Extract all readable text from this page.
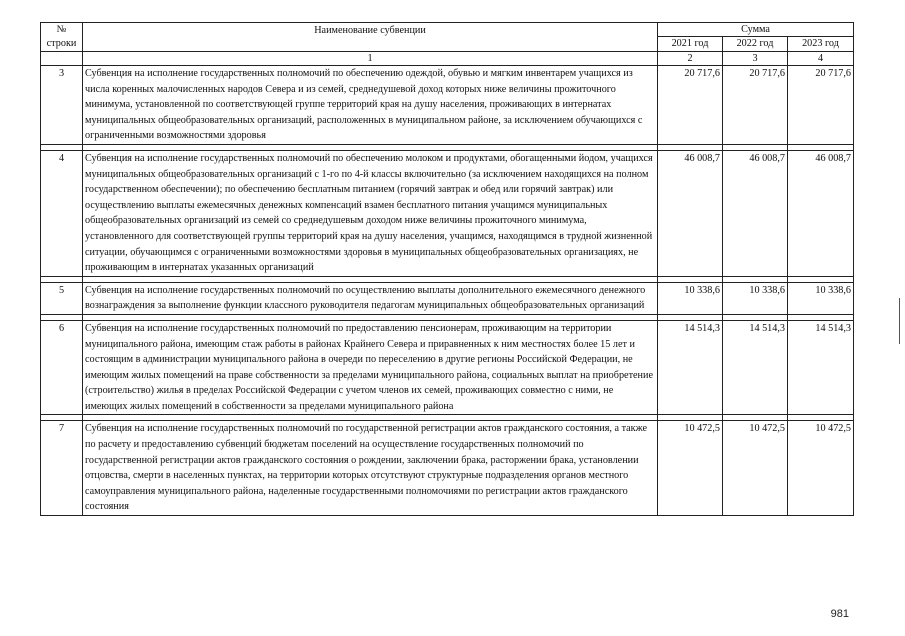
№
строки	Наименование субвенции	Сумма		
		2021 год	2022 год	2023 год
	1	2	3	4
3	Субвенция на исполнение государственных полномочий по обеспечению одеждой, обувью и мягким инвентарем учащихся из числа коренных малочисленных народов Севера и из семей, среднедушевой доход которых ниже величины прожиточного минимума, установленной по соответствующей группе территорий края на душу населения, проживающих в интернатах муниципальных общеобразовательных организаций, расположенных в муниципальном районе, за исключением обучающихся с ограниченными возможностями здоровья	20 717,6	20 717,6	20 717,6

4	Субвенция на исполнение государственных полномочий по обеспечению молоком и продуктами, обогащенными йодом, учащихся муниципальных общеобразовательных организаций с 1-го по 4-й классы включительно (за исключением находящихся на полном государственном обеспечении); по обеспечению бесплатным питанием (горячий завтрак и обед или горячий завтрак) или осуществлению выплаты ежемесячных денежных компенсаций взамен бесплатного питания учащимся муниципальных общеобразовательных организаций из семей со среднедушевым доходом ниже величины прожиточного минимума, установленного для соответствующей группы территорий края на душу населения, учащимся, находящимся в трудной жизненной ситуации, обучающимся с ограниченными возможностями здоровья в муниципальных общеобразовательных организациях, не проживающим в интернатах указанных организаций	46 008,7	46 008,7	46 008,7

5	Субвенция на исполнение государственных полномочий по осуществлению выплаты дополнительного ежемесячного денежного вознаграждения за выполнение функции классного руководителя педагогам муниципальных общеобразовательных организаций	10 338,6	10 338,6	10 338,6

6	Субвенция на исполнение государственных полномочий по предоставлению пенсионерам, проживающим на территории муниципального района, имеющим стаж работы в районах Крайнего Севера и приравненных к ним местностях более 15 лет и состоящим в администрации муниципального района в очереди по переселению в другие регионы Российской Федерации, не имеющим жилых помещений на праве собственности за пределами муниципального района, социальных выплат на приобретение (строительство) жилья в пределах Российской Федерации с учетом членов их семей, проживающих совместно с ними, не имеющих жилых помещений в собственности за пределами муниципального района	14 514,3	14 514,3	14 514,3

7	Субвенция на исполнение государственных полномочий по государственной регистрации актов гражданского состояния, а также по расчету и предоставлению субвенций бюджетам поселений на осуществление государственных полномочий по государственной регистрации актов гражданского состояния о рождении, заключении брака, расторжении брака, установлении отцовства, смерти в населенных пунктах, на территории которых отсутствуют структурные подразделения органов местного самоуправления муниципального района, наделенные государственными полномочиями по регистрации актов гражданского состояния	10 472,5	10 472,5	10 472,5
981
